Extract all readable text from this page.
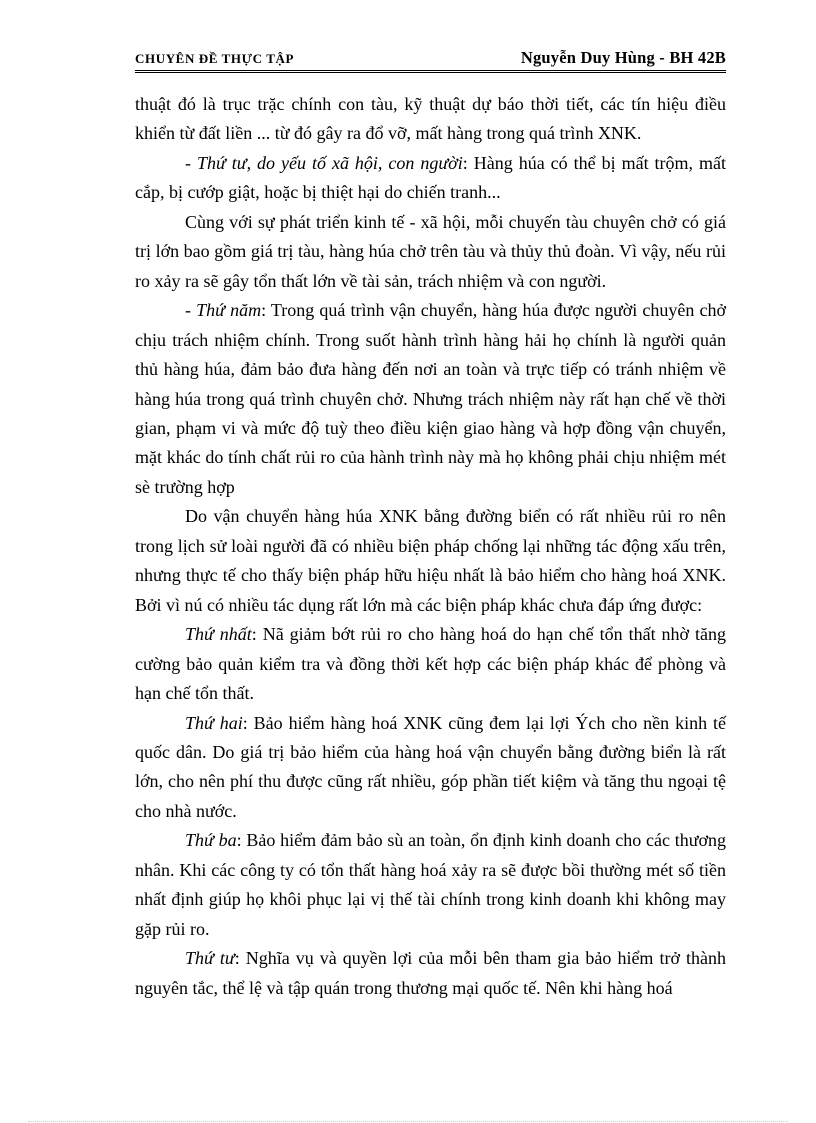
CHUYÊN ĐỀ THỰC TẬP	Nguyễn Duy Hùng - BH 42B

thuật đó là trục trặc chính con tàu, kỹ thuật dự báo thời tiết, các tín hiệu điều khiển từ đất liền ... từ đó gây ra đổ vỡ, mất hàng trong quá trình XNK.

- Thứ tư, do yếu tố xã hội, con người: Hàng húa có thể bị mất trộm, mất cắp, bị cướp giật, hoặc bị thiệt hại do chiến tranh...

Cùng với sự phát triển kinh tế - xã hội, mỗi chuyến tàu chuyên chở có giá trị lớn bao gồm giá trị tàu, hàng húa chở trên tàu và thủy thủ đoàn. Vì vậy, nếu rủi ro xảy ra sẽ gây tổn thất lớn về tài sản, trách nhiệm và con người.

- Thứ năm: Trong quá trình vận chuyển, hàng húa được người chuyên chở chịu trách nhiệm chính. Trong suốt hành trình hàng hải họ chính là người quản thủ hàng húa, đảm bảo đưa hàng đến nơi an toàn và trực tiếp có tránh nhiệm về hàng húa trong quá trình chuyên chở. Nhưng trách nhiệm này rất hạn chế về thời gian, phạm vi và mức độ tuỳ theo điều kiện giao hàng và hợp đồng vận chuyển, mặt khác do tính chất rủi ro của hành trình này mà họ không phải chịu nhiệm mét sè trường hợp

Do vận chuyển hàng húa XNK bằng đường biển có rất nhiều rủi ro nên trong lịch sử loài người đã có nhiều biện pháp chống lại những tác động xấu trên, nhưng thực tế cho thấy biện pháp hữu hiệu nhất là bảo hiểm cho hàng hoá XNK. Bởi vì nú có nhiều tác dụng rất lớn mà các biện pháp khác chưa đáp ứng được:

Thứ nhất: Nã giảm bớt rủi ro cho hàng hoá do hạn chế tổn thất nhờ tăng cường bảo quản kiểm tra và đồng thời kết hợp các biện pháp khác để phòng và hạn chế tổn thất.

Thứ hai: Bảo hiểm hàng hoá XNK cũng đem lại lợi Ých cho nền kinh tế quốc dân. Do giá trị bảo hiểm của hàng hoá vận chuyển bằng đường biển là rất lớn, cho nên phí thu được cũng rất nhiều, góp phần tiết kiệm và tăng thu ngoại tệ cho nhà nước.

Thứ ba: Bảo hiểm đảm bảo sù an toàn, ổn định kinh doanh cho các thương nhân. Khi các công ty có tổn thất hàng hoá xảy ra sẽ được bồi thường mét số tiền nhất định giúp họ khôi phục lại vị thế tài chính trong kinh doanh khi không may gặp rủi ro.

Thứ tư: Nghĩa vụ và quyền lợi của mỗi bên tham gia bảo hiểm trở thành nguyên tắc, thể lệ và tập quán trong thương mại quốc tế. Nên khi hàng hoá
